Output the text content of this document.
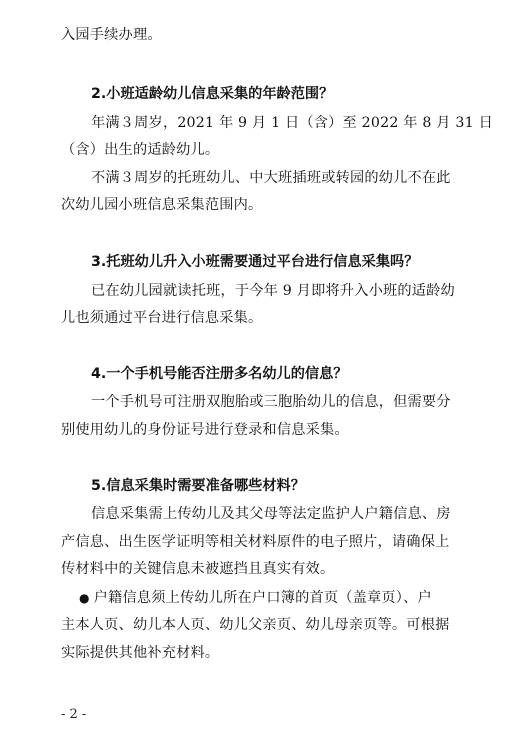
入园手续办理。
2.小班适龄幼儿信息采集的年龄范围？
年满３周岁，2021 年 9 月 1 日（含）至 2022 年 8 月 31 日
（含）出生的适龄幼儿。
不满３周岁的托班幼儿、中大班插班或转园的幼儿不在此
次幼儿园小班信息采集范围内。
3.托班幼儿升入小班需要通过平台进行信息采集吗？
已在幼儿园就读托班，于今年 9 月即将升入小班的适龄幼
儿也须通过平台进行信息采集。
4.一个手机号能否注册多名幼儿的信息？
一个手机号可注册双胞胎或三胞胎幼儿的信息，但需要分
别使用幼儿的身份证号进行登录和信息采集。
5.信息采集时需要准备哪些材料？
信息采集需上传幼儿及其父母等法定监护人户籍信息、房
产信息、出生医学证明等相关材料原件的电子照片，请确保上
传材料中的关键信息未被遮挡且真实有效。
● 户籍信息须上传幼儿所在户口簿的首页（盖章页）、户
主本人页、幼儿本人页、幼儿父亲页、幼儿母亲页等。可根据
实际提供其他补充材料。
- 2 -
